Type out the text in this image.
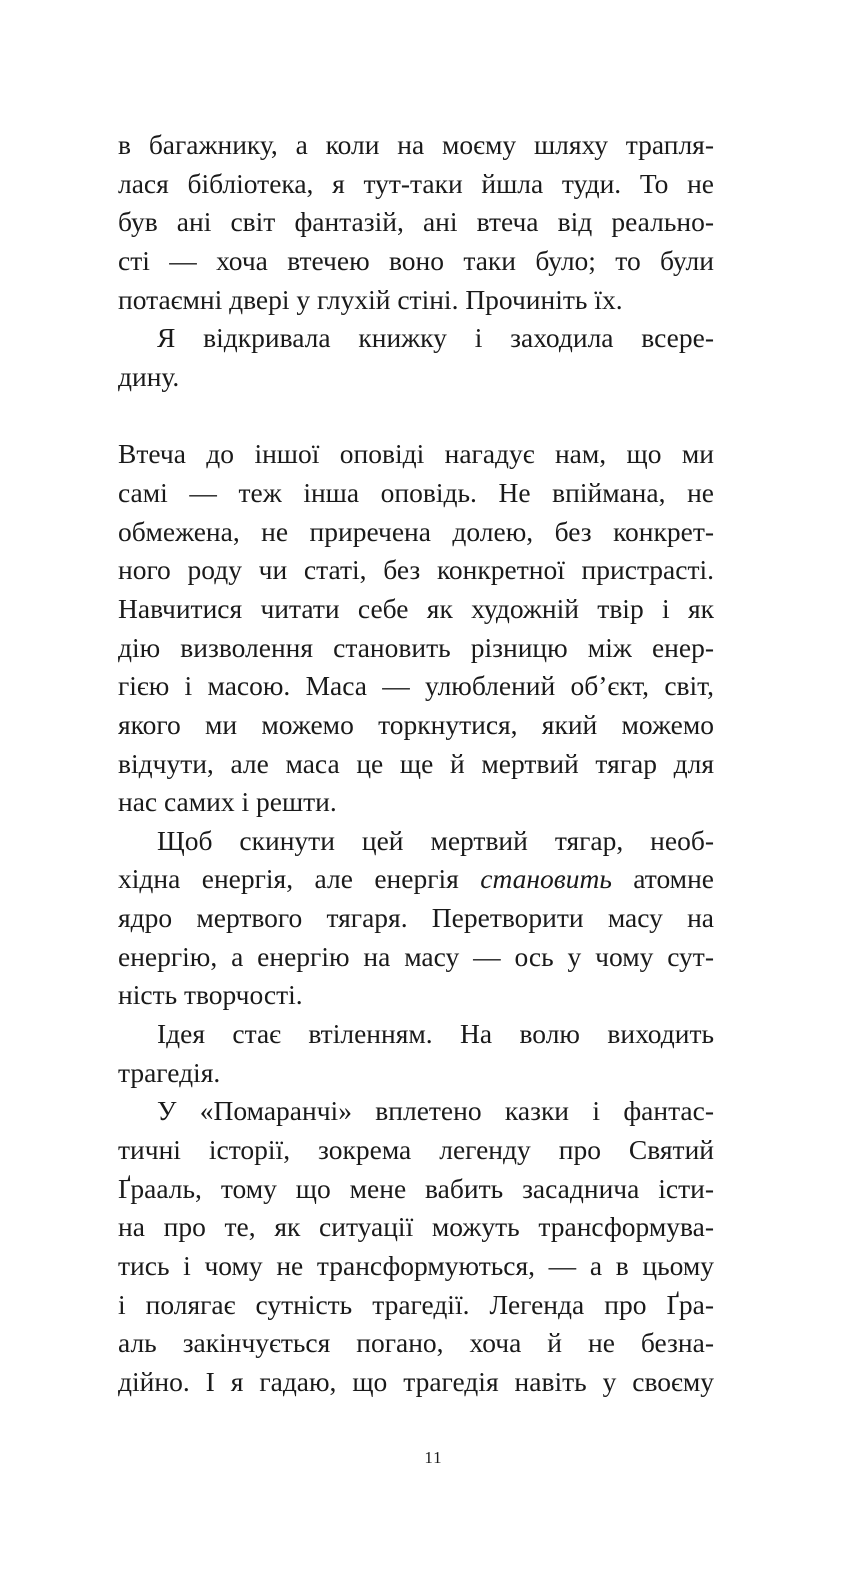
в багажнику, а коли на моєму шляху трапля-
лася бібліотека, я тут-таки йшла туди. То не
був ані світ фантазій, ані втеча від реально-
сті — хоча втечею воно таки було; то були
потаємні двері у глухій стіні. Прочиніть їх.
Я відкривала книжку і заходила всере-
дину.
Втеча до іншої оповіді нагадує нам, що ми
самі — теж інша оповідь. Не впіймана, не
обмежена, не приречена долею, без конкрет-
ного роду чи статі, без конкретної пристрасті.
Навчитися читати себе як художній твір і як
дію визволення становить різницю між енер-
гією і масою. Маса — улюблений об’єкт, світ,
якого ми можемо торкнутися, який можемо
відчути, але маса це ще й мертвий тягар для
нас самих і решти.
Щоб скинути цей мертвий тягар, необ-
хідна енергія, але енергія становить атомне
ядро мертвого тягаря. Перетворити масу на
енергію, а енергію на масу — ось у чому сут-
ність творчості.
Ідея стає втіленням. На волю виходить
трагедія.
У «Помаранчі» вплетено казки і фантас-
тичні історії, зокрема легенду про Святий
Ґрааль, тому що мене вабить засаднича істи-
на про те, як ситуації можуть трансформува-
тись і чому не трансформуються, — а в цьому
і полягає сутність трагедії. Легенда про Ґра-
аль закінчується погано, хоча й не безна-
дійно. І я гадаю, що трагедія навіть у своєму
11
